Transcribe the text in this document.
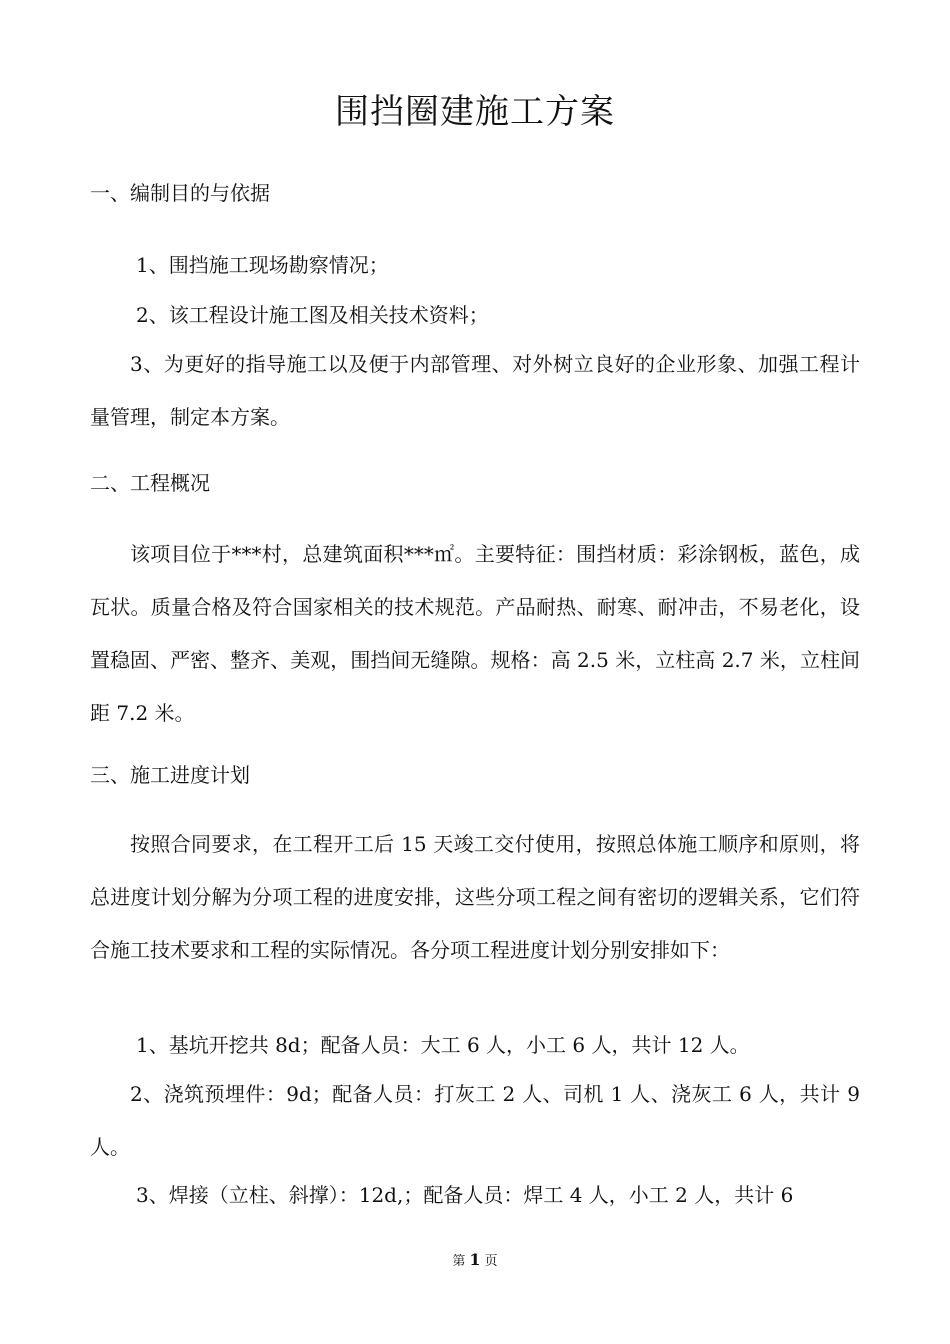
围挡圈建施工方案
一、编制目的与依据
1、围挡施工现场勘察情况；
2、该工程设计施工图及相关技术资料；

3、为更好的指导施工以及便于内部管理、对外树立良好的企业形象、加强工程计量管理，制定本方案。

二、工程概况

该项目位于***村，总建筑面积***㎡。主要特征：围挡材质：彩涂钢板，蓝色，成瓦状。质量合格及符合国家相关的技术规范。产品耐热、耐寒、耐冲击，不易老化，设置稳固、严密、整齐、美观，围挡间无缝隙。规格：高 2.5 米，立柱高 2.7 米，立柱间距 7.2 米。

三、施工进度计划

按照合同要求，在工程开工后 15 天竣工交付使用，按照总体施工顺序和原则，将总进度计划分解为分项工程的进度安排，这些分项工程之间有密切的逻辑关系，它们符合施工技术要求和工程的实际情况。各分项工程进度计划分别安排如下：

1、基坑开挖共 8d；配备人员：大工 6 人，小工 6 人，共计 12 人。

2、浇筑预埋件：9d；配备人员：打灰工 2 人、司机 1 人、浇灰工 6 人，共计 9 人。

3、焊接（立柱、斜撑）：12d,；配备人员：焊工 4 人，小工 2 人，共计 6
第 1 页
